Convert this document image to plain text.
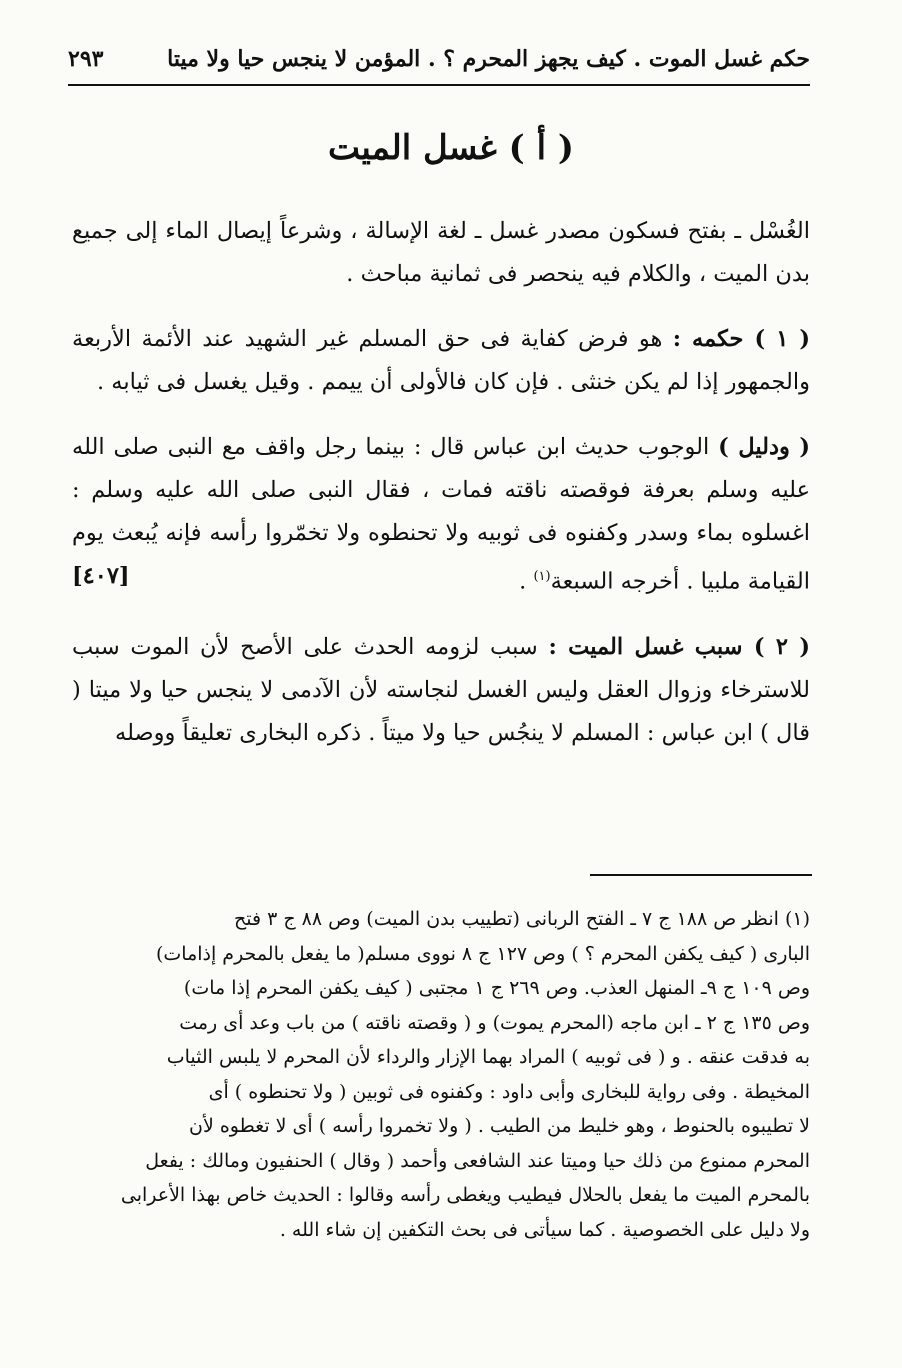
٢٩٣	حكم غسل الموت . كيف يجهز المحرم ؟ . المؤمن لا ينجس حيا ولا ميتا
( أ ) غسل الميت

الغُسْل ـ بفتح فسكون مصدر غسل ـ لغة الإسالة ، وشرعاً إيصال الماء إلى جميع بدن الميت ، والكلام فيه ينحصر فى ثمانية مباحث .

( ١ ) حكمه : هو فرض كفاية فى حق المسلم غير الشهيد عند الأئمة الأربعة والجمهور إذا لم يكن خنثى . فإن كان فالأولى أن ييمم . وقيل يغسل فى ثيابه .

( ودليل ) الوجوب حديث ابن عباس قال : بينما رجل واقف مع النبى صلى الله عليه وسلم بعرفة فوقصته ناقته فمات ، فقال النبى صلى الله عليه وسلم : اغسلوه بماء وسدر وكفنوه فى ثوبيه ولا تحنطوه ولا تخمّروا رأسه فإنه يُبعث يوم القيامة ملبيا . أخرجه السبعة$^{(١)}$ .
[٤٠٧]

( ٢ ) سبب غسل الميت : سبب لزومه الحدث على الأصح لأن الموت سبب للاسترخاء وزوال العقل وليس الغسل لنجاسته لأن الآدمى لا ينجس حيا ولا ميتا ( قال ) ابن عباس : المسلم لا ينجُس حيا ولا ميتاً . ذكره البخارى تعليقاً ووصله

(١) انظر ص ١٨٨ ج ٧ ـ الفتح الربانى (تطييب بدن الميت) وص ٨٨ ج ٣ فتح

البارى ( كيف يكفن المحرم ؟ ) وص ١٢٧ ج ٨ نووى مسلم( ما يفعل بالمحرم إذامات)

وص ١٠٩ ج ٩ـ المنهل العذب. وص ٢٦٩ ج ١ مجتبى ( كيف يكفن المحرم إذا مات)

وص ١٣٥ ج ٢ ـ ابن ماجه (المحرم يموت) و ( وقصته ناقته ) من باب وعد أى رمت

به فدقت عنقه . و ( فى ثوبيه ) المراد بهما الإزار والرداء لأن المحرم لا يلبس الثياب

المخيطة . وفى رواية للبخارى وأبى داود : وكفنوه فى ثوبين ( ولا تحنطوه ) أى

لا تطيبوه بالحنوط ، وهو خليط من الطيب . ( ولا تخمروا رأسه ) أى لا تغطوه لأن

المحرم ممنوع من ذلك حيا وميتا عند الشافعى وأحمد ( وقال ) الحنفيون ومالك : يفعل

بالمحرم الميت ما يفعل بالحلال فيطيب ويغطى رأسه وقالوا : الحديث خاص بهذا الأعرابى

ولا دليل على الخصوصية . كما سيأتى فى بحث التكفين إن شاء الله .
